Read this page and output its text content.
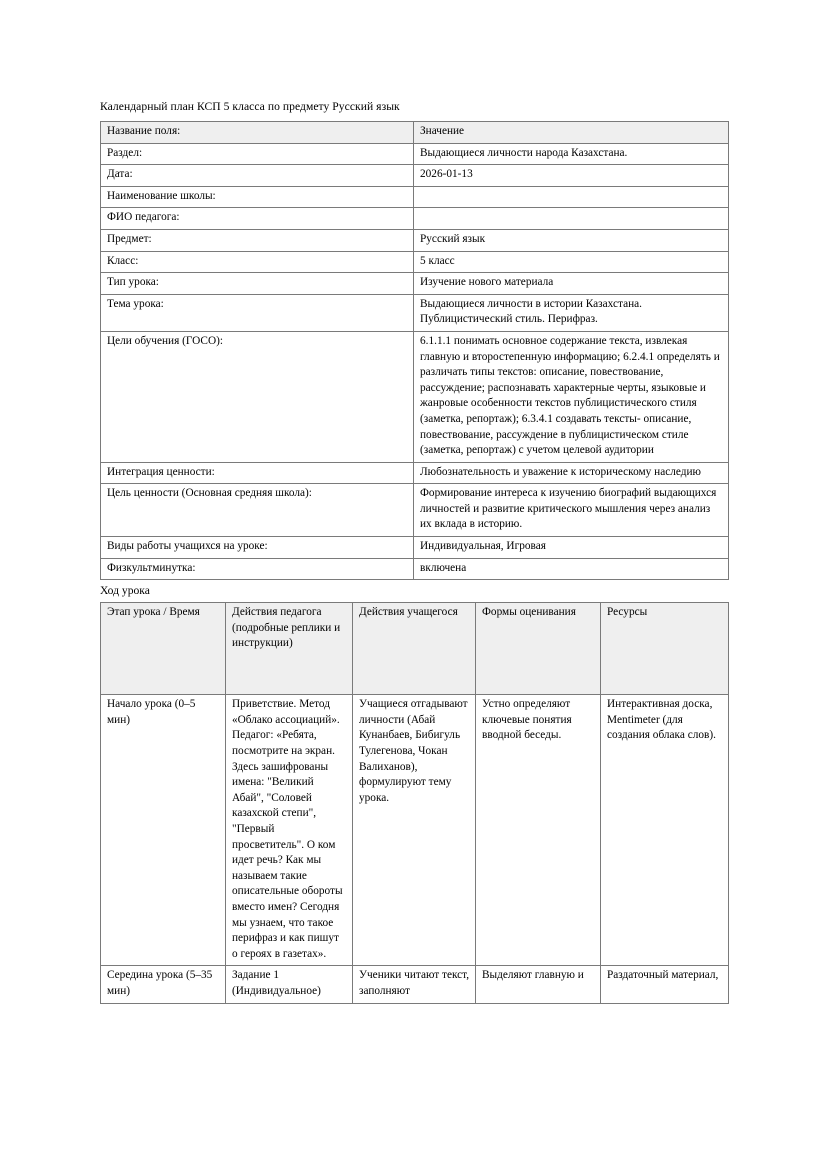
Календарный план КСП 5 класса по предмету Русский язык

Название поля:	Значение
Раздел:	Выдающиеся личности народа Казахстана.
Дата:	2026-01-13
Наименование школы:	
ФИО педагога:	
Предмет:	Русский язык
Класс:	5 класс
Тип урока:	Изучение нового материала
Тема урока:	Выдающиеся личности в истории Казахстана. Публицистический стиль. Перифраз.
Цели обучения (ГОСО):	6.1.1.1 понимать основное содержание текста, извлекая главную и второстепенную информацию; 6.2.4.1 определять и различать типы текстов: описание, повествование, рассуждение; распознавать характерные черты, языковые и жанровые особенности текстов публицистического стиля (заметка, репортаж); 6.3.4.1 создавать тексты- описание, повествование, рассуждение в публицистическом стиле (заметка, репортаж) с учетом целевой аудитории
Интеграция ценности:	Любознательность и уважение к историческому наследию
Цель ценности (Основная средняя школа):	Формирование интереса к изучению биографий выдающихся личностей и развитие критического мышления через анализ их вклада в историю.
Виды работы учащихся на уроке:	Индивидуальная, Игровая
Физкультминутка:	включена

Ход урока

Этап урока / Время	Действия педагога (подробные реплики и инструкции)	Действия учащегося	Формы оценивания	Ресурсы
Начало урока (0–5 мин)	Приветствие. Метод «Облако ассоциаций». Педагог: «Ребята, посмотрите на экран. Здесь зашифрованы имена: "Великий Абай", "Соловей казахской степи", "Первый просветитель". О ком идет речь? Как мы называем такие описательные обороты вместо имен? Сегодня мы узнаем, что такое перифраз и как пишут о героях в газетах».	Учащиеся отгадывают личности (Абай Кунанбаев, Бибигуль Тулегенова, Чокан Валиханов), формулируют тему урока.	Устно определяют ключевые понятия вводной беседы.	Интерактивная доска, Mentimeter (для создания облака слов).
Середина урока (5–35 мин)	Задание 1 (Индивидуальное)	Ученики читают текст, заполняют	Выделяют главную и	Раздаточный материал,
